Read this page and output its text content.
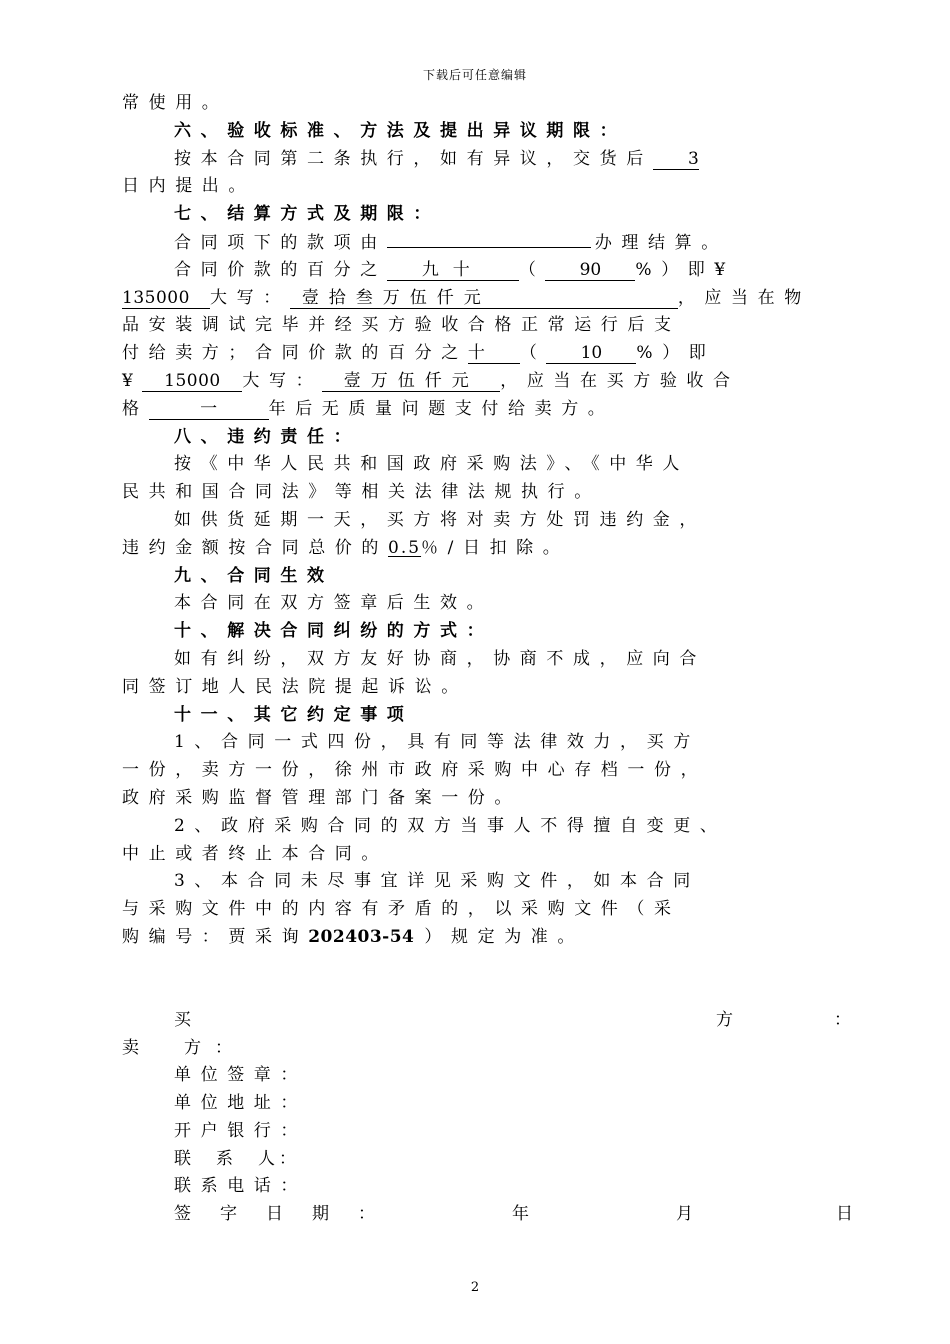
下载后可任意编辑
常使用。
六、验收标准、方法及提出异议期限：
按本合同第二条执行，如有异议，交货后 3
日内提出。
七、结算方式及期限：
合同项下的款项由	办理结算。
合同价款的百分之 九十 （ 90 %）即¥
135000 大写： 壹拾叁万伍仟元	，应当在物
品安装调试完毕并经买方验收合格正常运行后支
付给卖方；合同价款的百分之十 （ 10 %）即
¥ 15000 大写： 壹万伍仟元 ，应当在买方验收合
格	一	年后无质量问题支付给卖方。
八、违约责任：
按《中华人民共和国政府采购法》、《中华人
民共和国合同法》等相关法律法规执行。
如供货延期一天，买方将对卖方处罚违约金，
违约金额按合同总价的0.5％/日扣除。
九、合同生效
本合同在双方签章后生效。
十、解决合同纠纷的方式：
如有纠纷，双方友好协商，协商不成，应向合
同签订地人民法院提起诉讼。
十一、其它约定事项
1、合同一式四份，具有同等法律效力，买方
一份，卖方一份，徐州市政府采购中心存档一份，
政府采购监督管理部门备案一份。
2、政府采购合同的双方当事人不得擅自变更、
中止或者终止本合同。
3、本合同未尽事宜详见采购文件，如本合同
与采购文件中的内容有矛盾的，以采购文件（采
购编号：贾采询202403-54 ）规定为准。
买	方	：
卖　方：
单位签章：
单位地址：
开户银行：
联　系　人：
联系电话：
签　字　日　期　：	年	月	日
2
